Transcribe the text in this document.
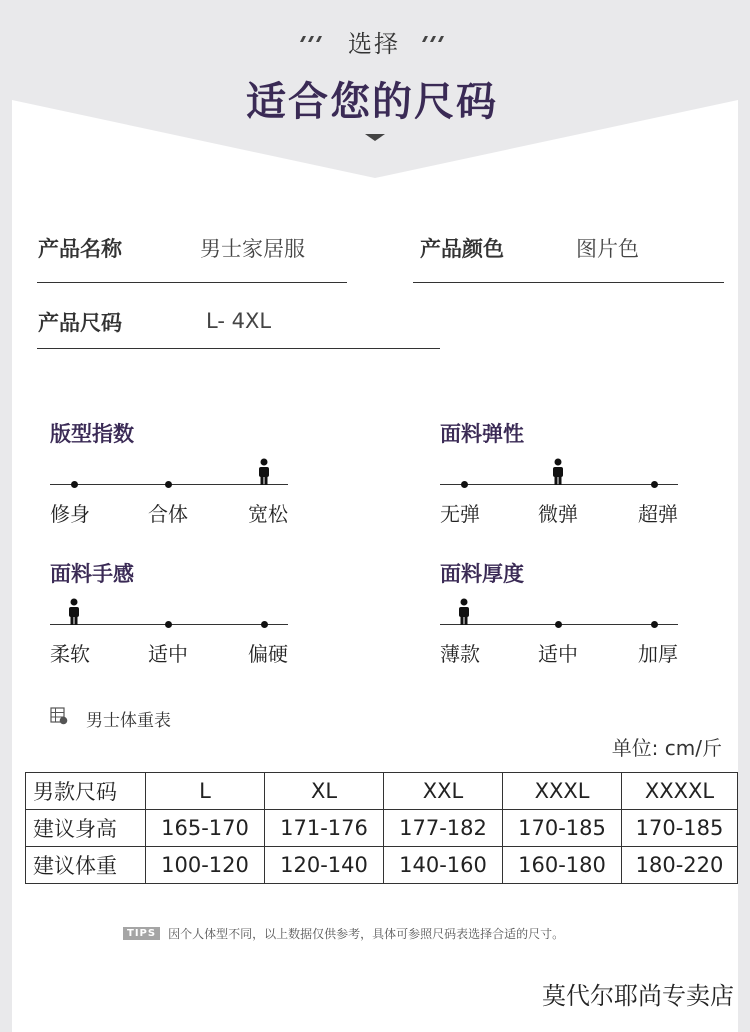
选择
适合您的尺码
产品名称	男士家居服	产品颜色	图片色
产品尺码	L- 4XL
版型指数
修身	合体	宽松
面料弹性
无弹	微弹	超弹
面料手感
柔软	适中	偏硬
面料厚度
薄款	适中	加厚
男士体重表
单位: cm/斤
男款尺码	L	XL	XXL	XXXL	XXXXL
建议身高	165-170	171-176	177-182	170-185	170-185
建议体重	100-120	120-140	140-160	160-180	180-220
TIPS	因个人体型不同，以上数据仅供参考，具体可参照尺码表选择合适的尺寸。
莫代尔耶尚专卖店
